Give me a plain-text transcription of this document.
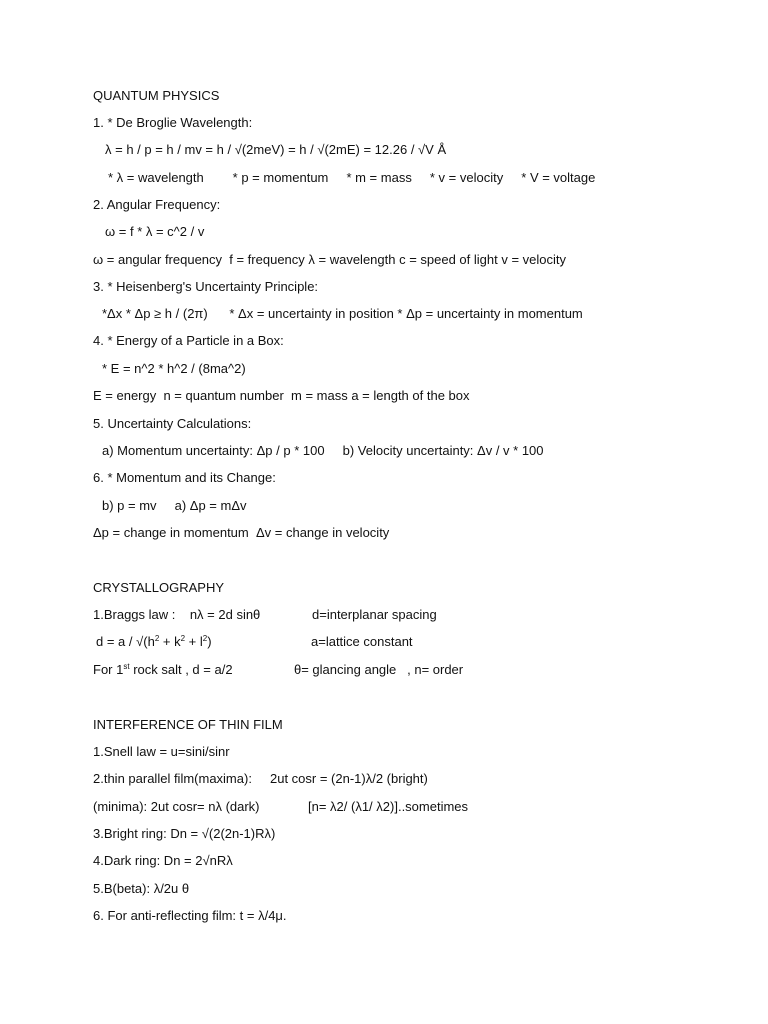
QUANTUM PHYSICS
1. * De Broglie Wavelength:
λ = h / p = h / mv = h / √(2meV) = h / √(2mE) = 12.26 / √V Å
* λ = wavelength        * p = momentum     * m = mass     * v = velocity     * V = voltage
2. Angular Frequency:
ω = f * λ = c^2 / v
ω = angular frequency  f = frequency λ = wavelength c = speed of light v = velocity
3. * Heisenberg's Uncertainty Principle:
*Δx * Δp ≥ h / (2π)      * Δx = uncertainty in position * Δp = uncertainty in momentum
4. * Energy of a Particle in a Box:
* E = n^2 * h^2 / (8ma^2)
E = energy  n = quantum number  m = mass a = length of the box
5. Uncertainty Calculations:
a) Momentum uncertainty: Δp / p * 100     b) Velocity uncertainty: Δv / v * 100
6. * Momentum and its Change:
b) p = mv     a) Δp = mΔv
Δp = change in momentum  Δv = change in velocity
CRYSTALLOGRAPHY
1.Braggs law :    nλ = 2d sinθ	d=interplanar spacing
$d = a / √(h^2 + k^2 + l^2)$	a=lattice constant
For 1st rock salt , d = a/2	θ= glancing angle   , n= order
INTERFERENCE OF THIN FILM
1.Snell law = u=sini/sinr
2.thin parallel film(maxima):     2ut cosr = (2n-1)λ/2 (bright)
(minima): 2ut cosr= nλ (dark)	[n= λ2/ (λ1/ λ2)]..sometimes
3.Bright ring: Dn = √(2(2n-1)Rλ)
4.Dark ring: Dn = 2√nRλ
5.B(beta): λ/2u θ
6. For anti-reflecting film: t = λ/4μ.
